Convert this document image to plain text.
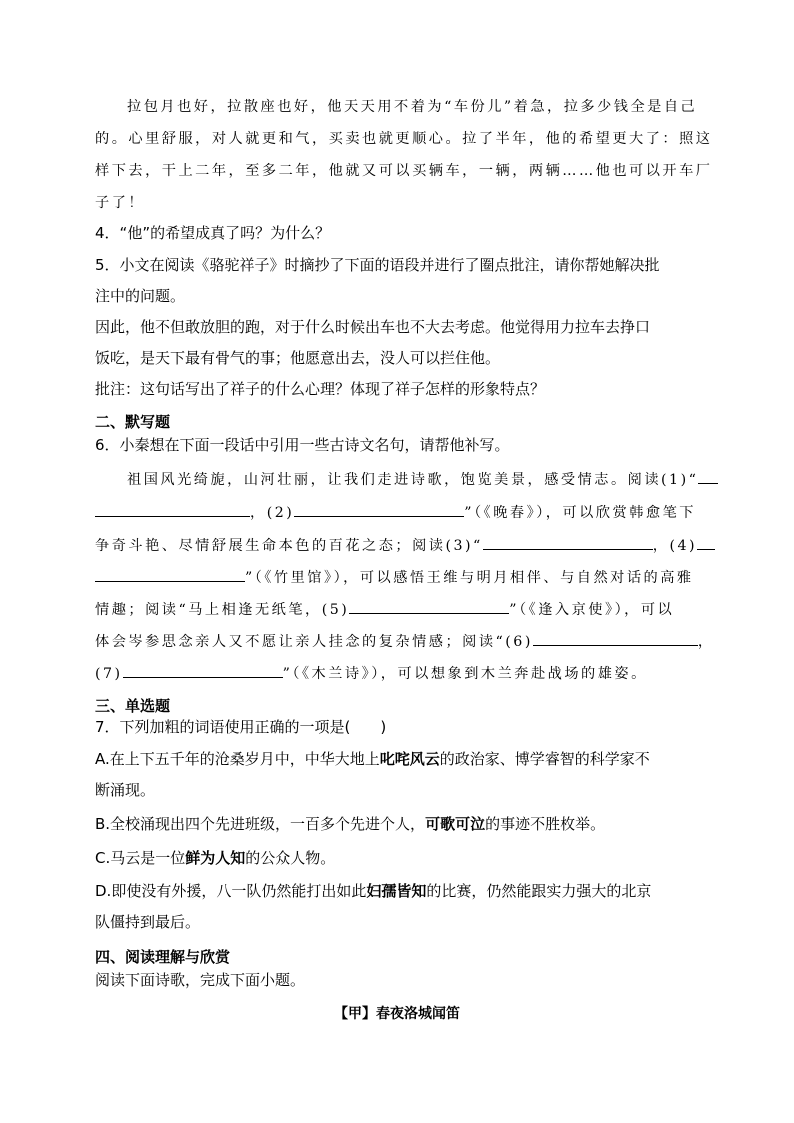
拉包月也好，拉散座也好，他天天用不着为“车份儿”着急，拉多少钱全是自己
的。心里舒服，对人就更和气，买卖也就更顺心。拉了半年，他的希望更大了：照这
样下去，干上二年，至多二年，他就又可以买辆车，一辆，两辆……他也可以开车厂
子了！
4．“他”的希望成真了吗？为什么？
5．小文在阅读《骆驼祥子》时摘抄了下面的语段并进行了圈点批注，请你帮她解决批
注中的问题。
因此，他不但敢放胆的跑，对于什么时候出车也不大去考虑。他觉得用力拉车去挣口
饭吃，是天下最有骨气的事；他愿意出去，没人可以拦住他。
批注：这句话写出了祥子的什么心理？体现了祥子怎样的形象特点？
二、默写题
6．小秦想在下面一段话中引用一些古诗文名句，请帮他补写。
祖国风光绮旎，山河壮丽，让我们走进诗歌，饱览美景，感受情志。阅读(1)“
，(2)	”（《晚春》），可以欣赏韩愈笔下
争奇斗艳、尽情舒展生命本色的百花之态；阅读(3)“	，(4)
”（《竹里馆》），可以感悟王维与明月相伴、与自然对话的高雅
情趣；阅读“马上相逢无纸笔，(5)	”（《逢入京使》），可以
体会岑参思念亲人又不愿让亲人挂念的复杂情感；阅读“(6)	，
(7)	”（《木兰诗》），可以想象到木兰奔赴战场的雄姿。
三、单选题
7．下列加粗的词语使用正确的一项是(　　)
A.在上下五千年的沧桑岁月中，中华大地上叱咤风云的政治家、博学睿智的科学家不
断涌现。
B.全校涌现出四个先进班级，一百多个先进个人，可歌可泣的事迹不胜枚举。
C.马云是一位鲜为人知的公众人物。
D.即使没有外援，八一队仍然能打出如此妇孺皆知的比赛，仍然能跟实力强大的北京
队僵持到最后。
四、阅读理解与欣赏
阅读下面诗歌，完成下面小题。
【甲】春夜洛城闻笛
